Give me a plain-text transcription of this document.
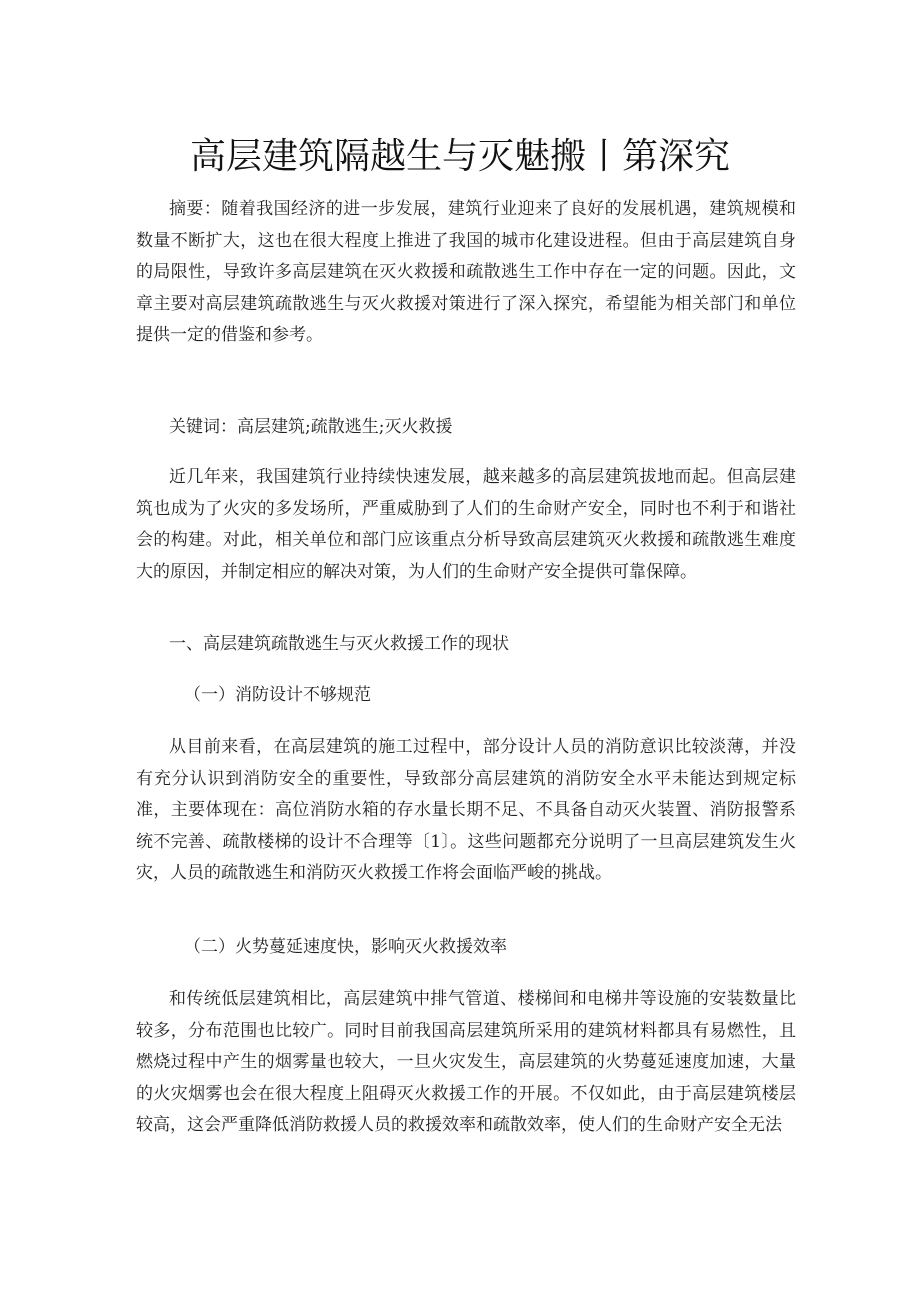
高层建筑隔越生与灭魅搬丨第深究

摘要：随着我国经济的进一步发展，建筑行业迎来了良好的发展机遇，建筑规模和数量不断扩大，这也在很大程度上推进了我国的城市化建设进程。但由于高层建筑自身的局限性，导致许多高层建筑在灭火救援和疏散逃生工作中存在一定的问题。因此，文章主要对高层建筑疏散逃生与灭火救援对策进行了深入探究，希望能为相关部门和单位提供一定的借鉴和参考。

关键词：高层建筑;疏散逃生;灭火救援

近几年来，我国建筑行业持续快速发展，越来越多的高层建筑拔地而起。但高层建筑也成为了火灾的多发场所，严重威胁到了人们的生命财产安全，同时也不利于和谐社会的构建。对此，相关单位和部门应该重点分析导致高层建筑灭火救援和疏散逃生难度大的原因，并制定相应的解决对策，为人们的生命财产安全提供可靠保障。

一、高层建筑疏散逃生与灭火救援工作的现状

（一）消防设计不够规范

从目前来看，在高层建筑的施工过程中，部分设计人员的消防意识比较淡薄，并没有充分认识到消防安全的重要性，导致部分高层建筑的消防安全水平未能达到规定标准，主要体现在：高位消防水箱的存水量长期不足、不具备自动灭火装置、消防报警系统不完善、疏散楼梯的设计不合理等〔1〕。这些问题都充分说明了一旦高层建筑发生火灾，人员的疏散逃生和消防灭火救援工作将会面临严峻的挑战。

（二）火势蔓延速度快，影响灭火救援效率

和传统低层建筑相比，高层建筑中排气管道、楼梯间和电梯井等设施的安装数量比较多，分布范围也比较广。同时目前我国高层建筑所采用的建筑材料都具有易燃性，且燃烧过程中产生的烟雾量也较大，一旦火灾发生，高层建筑的火势蔓延速度加速，大量的火灾烟雾也会在很大程度上阻碍灭火救援工作的开展。不仅如此，由于高层建筑楼层较高，这会严重降低消防救援人员的救援效率和疏散效率，使人们的生命财产安全无法
